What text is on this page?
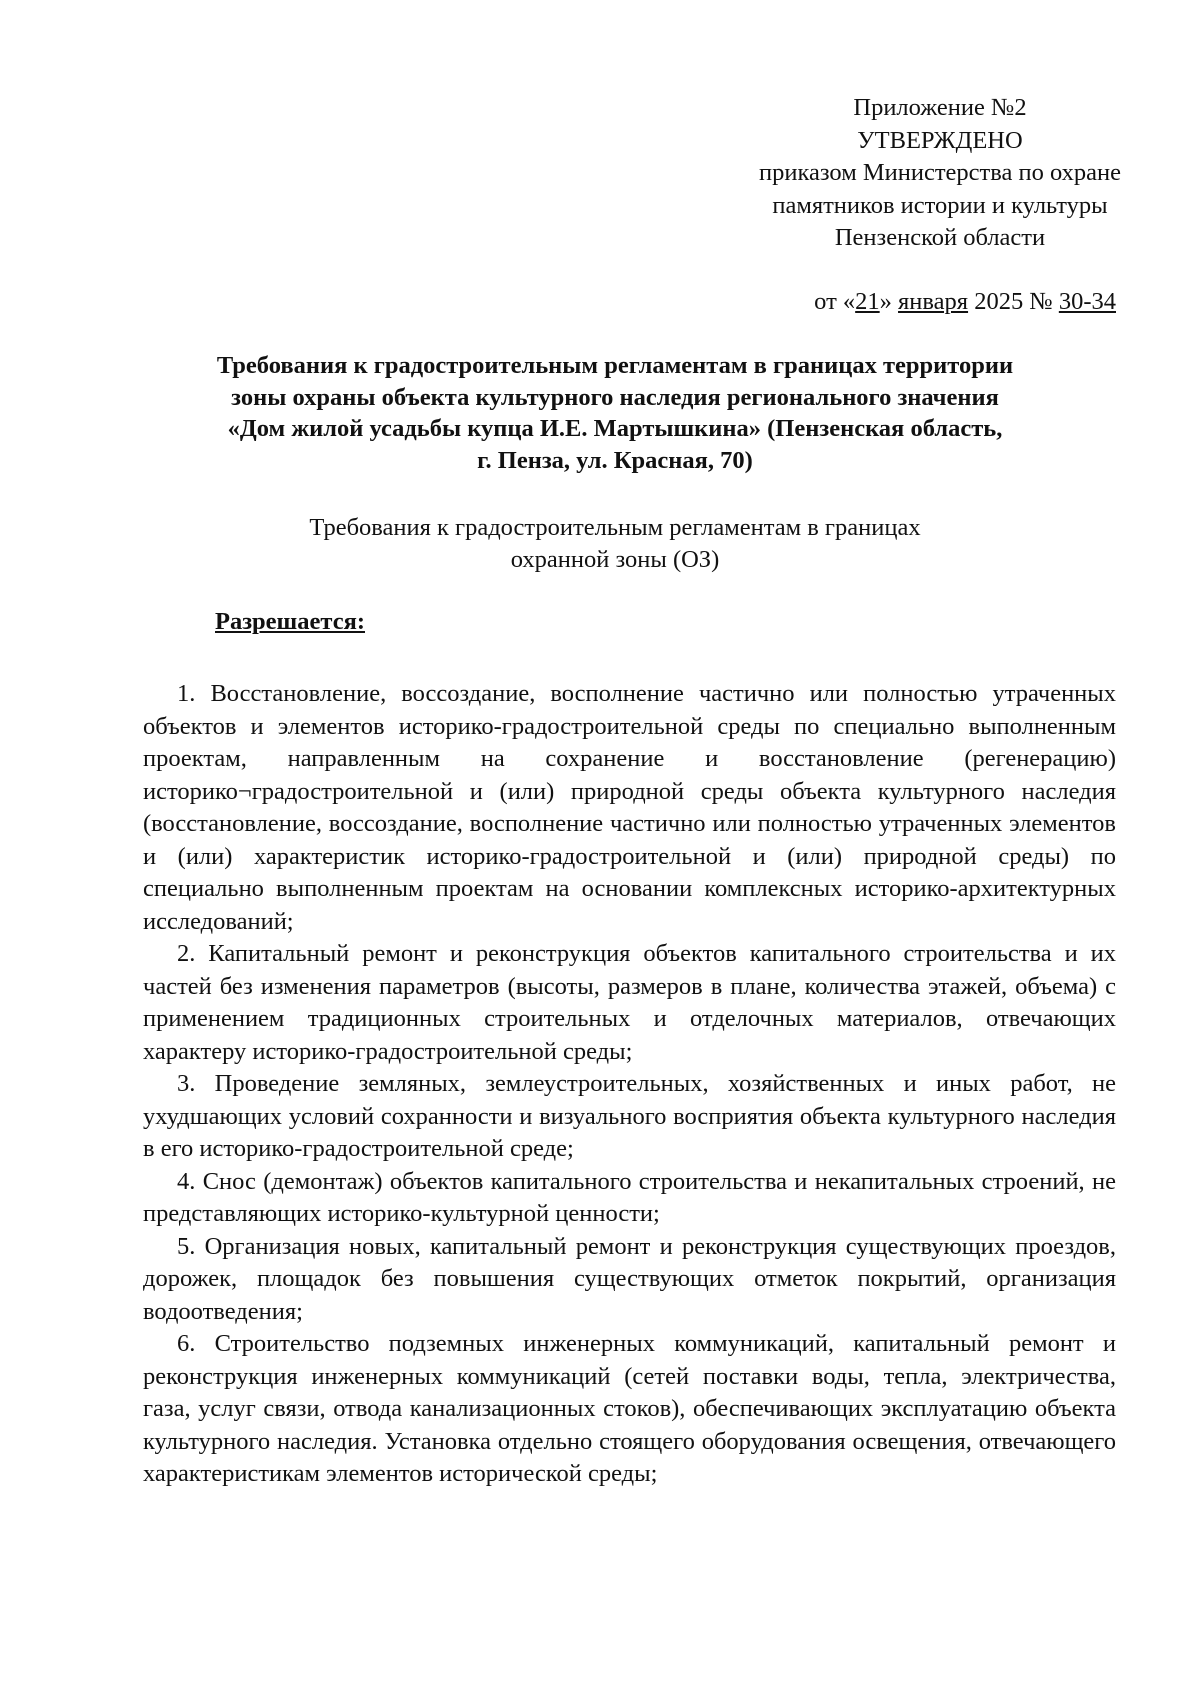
Приложение №2
УТВЕРЖДЕНО
приказом Министерства по охране
памятников истории и культуры
Пензенской области
от «21» января 2025 № 30-34
Требования к градостроительным регламентам в границах территории
зоны охраны объекта культурного наследия регионального значения
«Дом жилой усадьбы купца И.Е. Мартышкина» (Пензенская область,
г. Пенза, ул. Красная, 70)
Требования к градостроительным регламентам в границах
охранной зоны (ОЗ)
Разрешается:

1. Восстановление, воссоздание, восполнение частично или полностью утраченных объектов и элементов историко-градостроительной среды по специально выполненным проектам, направленным на сохранение и восстановление (регенерацию) историко¬градостроительной и (или) природной среды объекта культурного наследия (восстановление, воссоздание, восполнение частично или полностью утраченных элементов и (или) характеристик историко-градостроительной и (или) природной среды) по специально выполненным проектам на основании комплексных историко-архитектурных исследований;

2. Капитальный ремонт и реконструкция объектов капитального строительства и их частей без изменения параметров (высоты, размеров в плане, количества этажей, объема) с применением традиционных строительных и отделочных материалов, отвечающих характеру историко-градостроительной среды;

3. Проведение земляных, землеустроительных, хозяйственных и иных работ, не ухудшающих условий сохранности и визуального восприятия объекта культурного наследия в его историко-градостроительной среде;

4. Снос (демонтаж) объектов капитального строительства и некапитальных строений, не представляющих историко-культурной ценности;

5. Организация новых, капитальный ремонт и реконструкция существующих проездов, дорожек, площадок без повышения существующих отметок покрытий, организация водоотведения;

6. Строительство подземных инженерных коммуникаций, капитальный ремонт и реконструкция инженерных коммуникаций (сетей поставки воды, тепла, электричества, газа, услуг связи, отвода канализационных стоков), обеспечивающих эксплуатацию объекта культурного наследия. Установка отдельно стоящего оборудования освещения, отвечающего характеристикам элементов исторической среды;
